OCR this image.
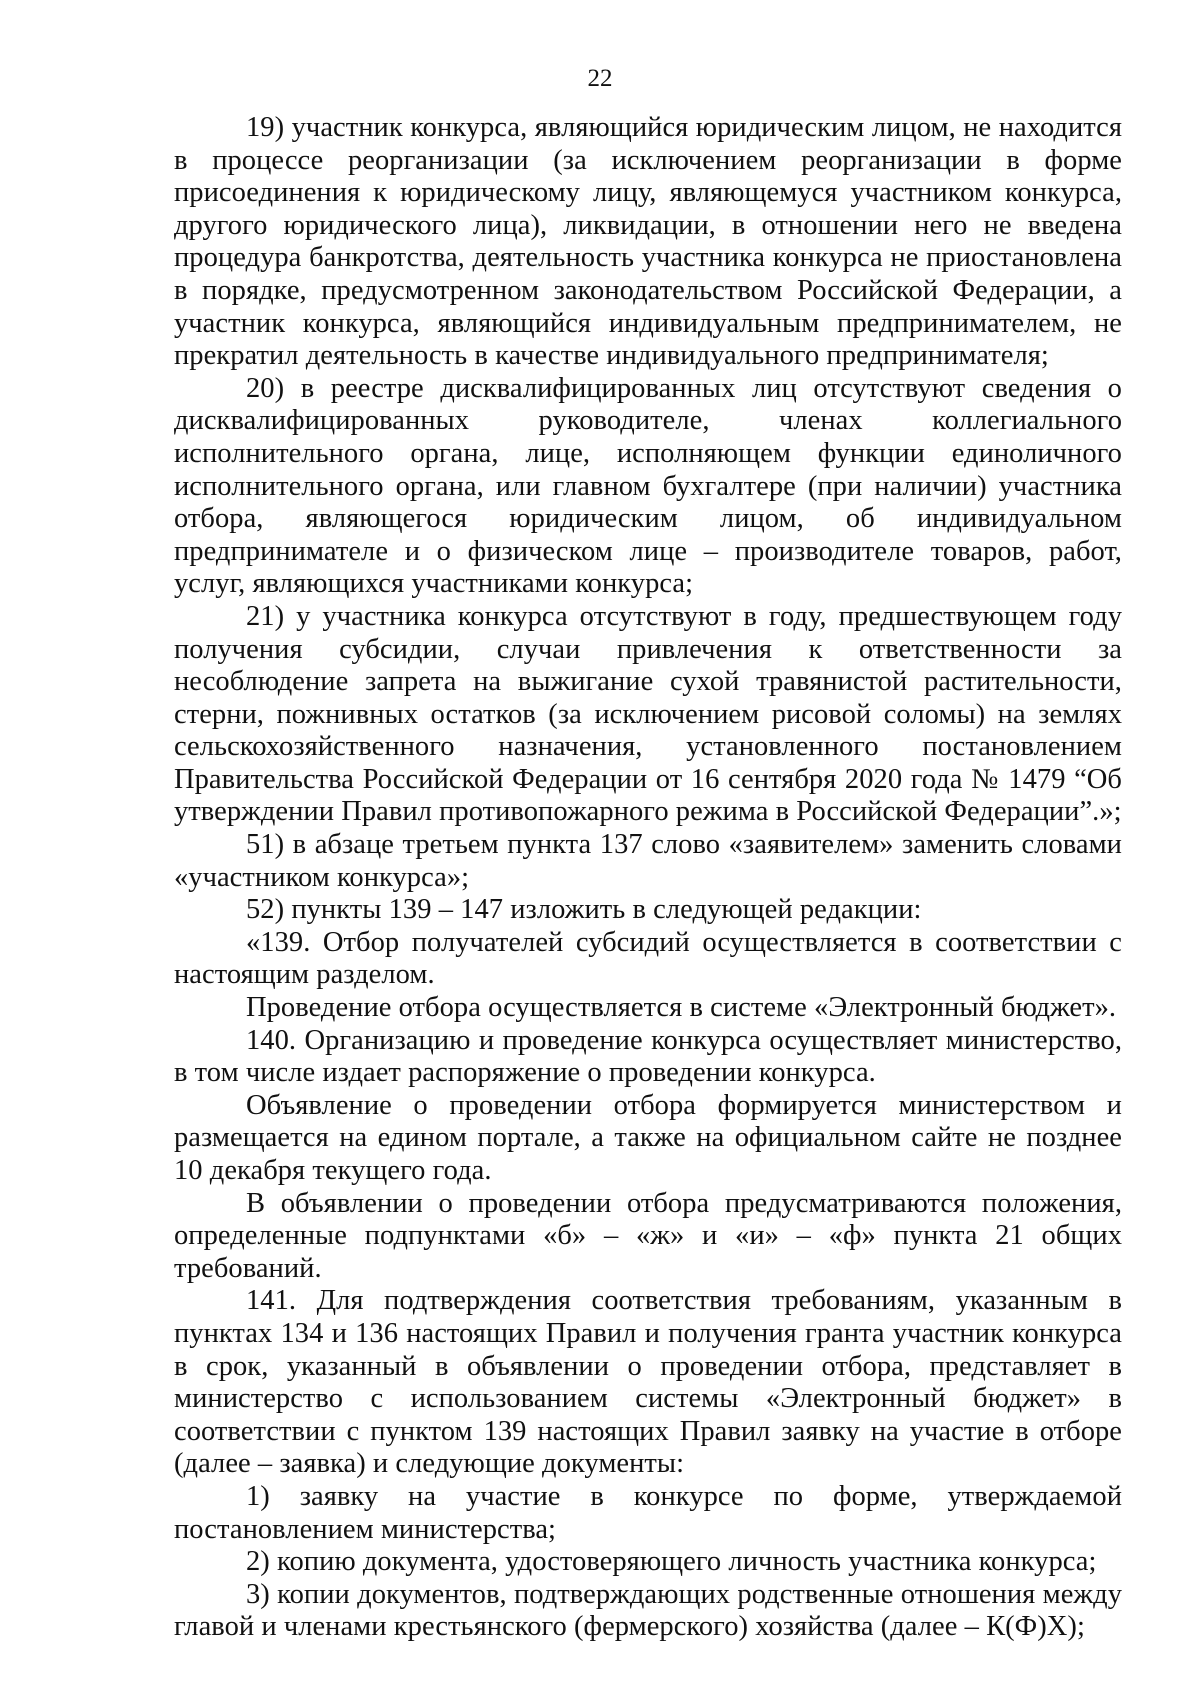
22

19) участник конкурса, являющийся юридическим лицом, не находится в процессе реорганизации (за исключением реорганизации в форме присоединения к юридическому лицу, являющемуся участником конкурса, другого юридического лица), ликвидации, в отношении него не введена процедура банкротства, деятельность участника конкурса не приостановлена в порядке, предусмотренном законодательством Российской Федерации, а участник конкурса, являющийся индивидуальным предпринимателем, не прекратил деятельность в качестве индивидуального предпринимателя;

20) в реестре дисквалифицированных лиц отсутствуют сведения о дисквалифицированных руководителе, членах коллегиального исполнительного органа, лице, исполняющем функции единоличного исполнительного органа, или главном бухгалтере (при наличии) участника отбора, являющегося юридическим лицом, об индивидуальном предпринимателе и о физическом лице – производителе товаров, работ, услуг, являющихся участниками конкурса;

21) у участника конкурса отсутствуют в году, предшествующем году получения субсидии, случаи привлечения к ответственности за несоблюдение запрета на выжигание сухой травянистой растительности, стерни, пожнивных остатков (за исключением рисовой соломы) на землях сельскохозяйственного назначения, установленного постановлением Правительства Российской Федерации от 16 сентября 2020 года № 1479 “Об утверждении Правил противопожарного режима в Российской Федерации”.»;

51) в абзаце третьем пункта 137 слово «заявителем» заменить словами «участником конкурса»;

52) пункты 139 – 147 изложить в следующей редакции:

«139. Отбор получателей субсидий осуществляется в соответствии с настоящим разделом.

Проведение отбора осуществляется в системе «Электронный бюджет».

140. Организацию и проведение конкурса осуществляет министерство, в том числе издает распоряжение о проведении конкурса.

Объявление о проведении отбора формируется министерством и размещается на едином портале, а также на официальном сайте не позднее 10 декабря текущего года.

В объявлении о проведении отбора предусматриваются положения, определенные подпунктами «б» – «ж» и «и» – «ф» пункта 21 общих требований.

141. Для подтверждения соответствия требованиям, указанным в пунктах 134 и 136 настоящих Правил и получения гранта участник конкурса в срок, указанный в объявлении о проведении отбора, представляет в министерство с использованием системы «Электронный бюджет» в соответствии с пунктом 139 настоящих Правил заявку на участие в отборе (далее – заявка) и следующие документы:

1) заявку на участие в конкурсе по форме, утверждаемой постановлением министерства;

2) копию документа, удостоверяющего личность участника конкурса;

3) копии документов, подтверждающих родственные отношения между главой и членами крестьянского (фермерского) хозяйства (далее – К(Ф)Х);
